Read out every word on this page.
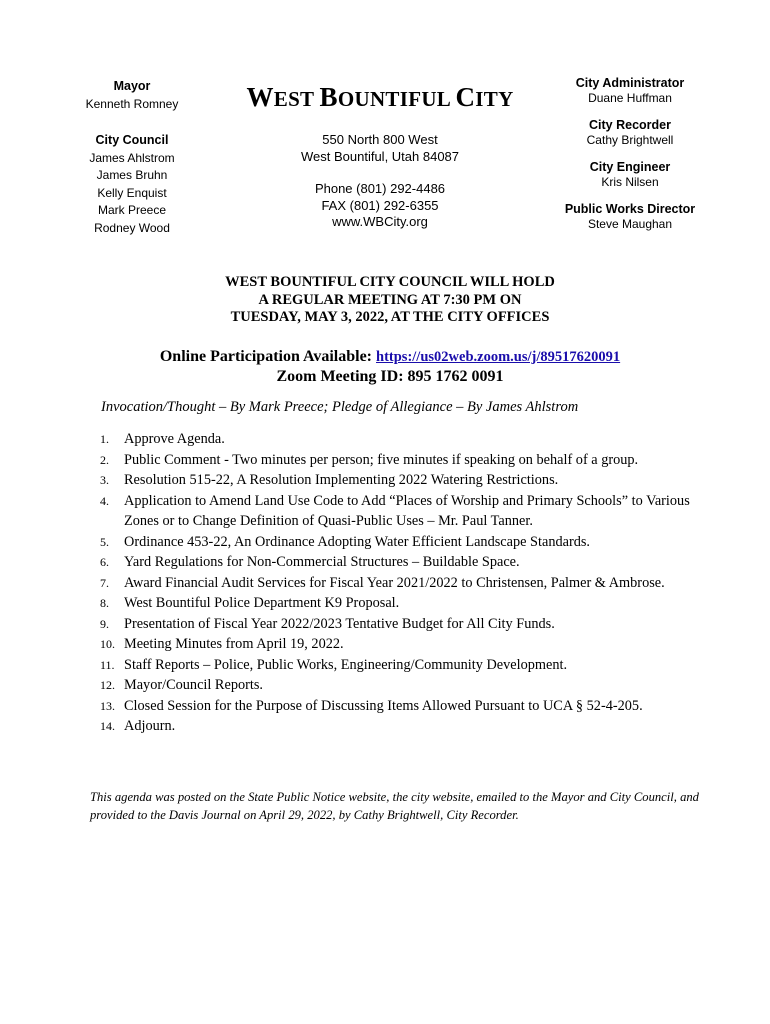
Mayor
Kenneth Romney
City Council
James Ahlstrom
James Bruhn
Kelly Enquist
Mark Preece
Rodney Wood
WEST BOUNTIFUL CITY
550 North 800 West
West Bountiful, Utah 84087
Phone (801) 292-4486
FAX (801) 292-6355
www.WBCity.org
City Administrator
Duane Huffman
City Recorder
Cathy Brightwell
City Engineer
Kris Nilsen
Public Works Director
Steve Maughan
WEST BOUNTIFUL CITY COUNCIL WILL HOLD
A REGULAR MEETING AT 7:30 PM ON
TUESDAY, MAY 3, 2022, AT THE CITY OFFICES
Online Participation Available: https://us02web.zoom.us/j/89517620091
Zoom Meeting ID: 895 1762 0091
Invocation/Thought – By Mark Preece; Pledge of Allegiance – By James Ahlstrom
1.	Approve Agenda.
2.	Public Comment - Two minutes per person; five minutes if speaking on behalf of a group.
3.	Resolution 515-22, A Resolution Implementing 2022 Watering Restrictions.
4.	Application to Amend Land Use Code to Add “Places of Worship and Primary Schools” to Various Zones or to Change Definition of Quasi-Public Uses – Mr. Paul Tanner.
5.	Ordinance 453-22, An Ordinance Adopting Water Efficient Landscape Standards.
6.	Yard Regulations for Non-Commercial Structures – Buildable Space.
7.	Award Financial Audit Services for Fiscal Year 2021/2022 to Christensen, Palmer & Ambrose.
8.	West Bountiful Police Department K9 Proposal.
9.	Presentation of Fiscal Year 2022/2023 Tentative Budget for All City Funds.
10. Meeting Minutes from April 19, 2022.
11. Staff Reports – Police, Public Works, Engineering/Community Development.
12. Mayor/Council Reports.
13. Closed Session for the Purpose of Discussing Items Allowed Pursuant to UCA § 52-4-205.
14. Adjourn.
This agenda was posted on the State Public Notice website, the city website, emailed to the Mayor and City Council, and provided to the Davis Journal on April 29, 2022, by Cathy Brightwell, City Recorder.
